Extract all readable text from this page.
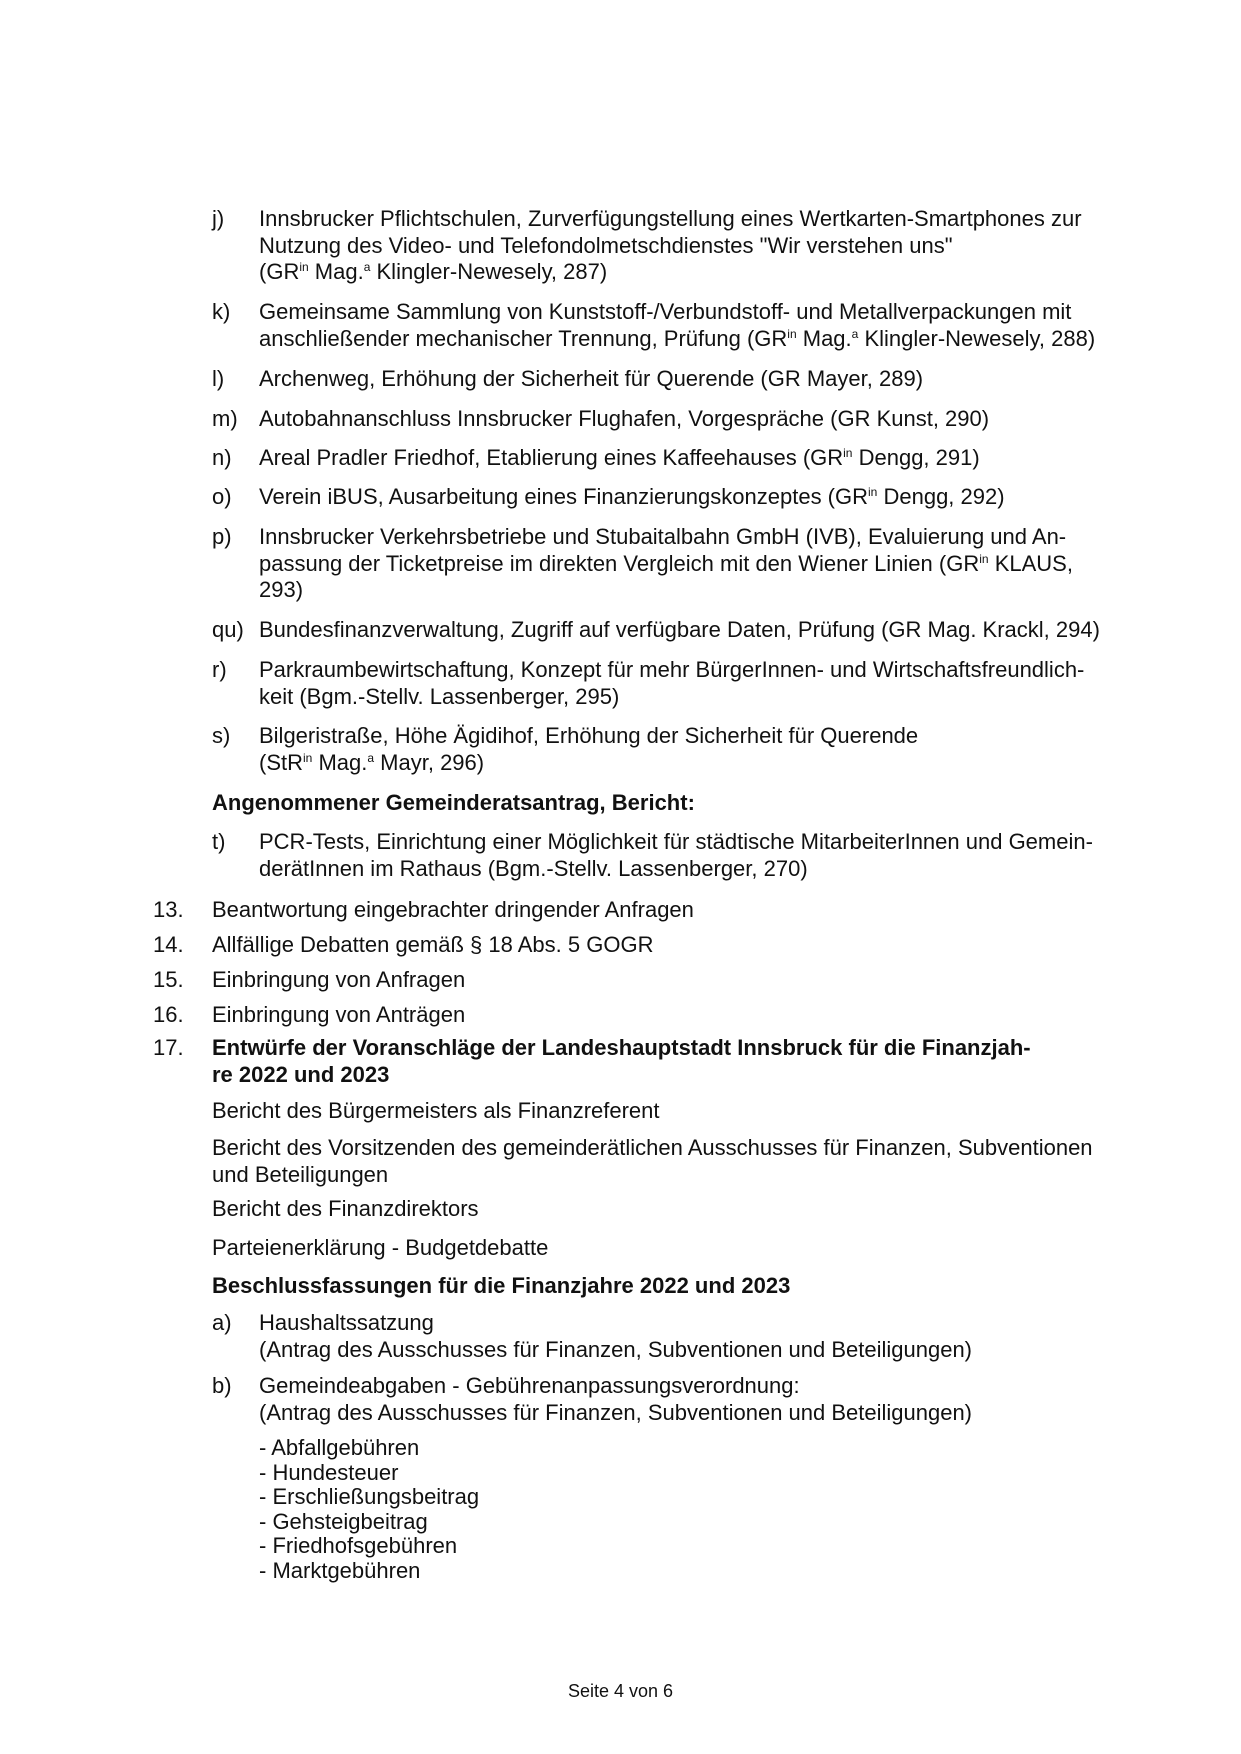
j) Innsbrucker Pflichtschulen, Zurverfügungstellung eines Wertkarten-Smartphones zur
Nutzung des Video- und Telefondolmetschdienstes "Wir verstehen uns"
($GR^{in}$ Mag.$^a$ Klingler-Newesely, 287)
k) Gemeinsame Sammlung von Kunststoff-/Verbundstoff- und Metallverpackungen mit
anschließender mechanischer Trennung, Prüfung ($GR^{in}$ Mag.$^a$ Klingler-Newesely, 288)
l) Archenweg, Erhöhung der Sicherheit für Querende (GR Mayer, 289)
m) Autobahnanschluss Innsbrucker Flughafen, Vorgespräche (GR Kunst, 290)
n) Areal Pradler Friedhof, Etablierung eines Kaffeehauses ($GR^{in}$ Dengg, 291)
o) Verein iBUS, Ausarbeitung eines Finanzierungskonzeptes ($GR^{in}$ Dengg, 292)
p) Innsbrucker Verkehrsbetriebe und Stubaitalbahn GmbH (IVB), Evaluierung und An-
passung der Ticketpreise im direkten Vergleich mit den Wiener Linien ($GR^{in}$ KLAUS,
293)
qu) Bundesfinanzverwaltung, Zugriff auf verfügbare Daten, Prüfung (GR Mag. Krackl, 294)
r) Parkraumbewirtschaftung, Konzept für mehr BürgerInnen- und Wirtschaftsfreundlich-
keit (Bgm.-Stellv. Lassenberger, 295)
s) Bilgeristraße, Höhe Ägidihof, Erhöhung der Sicherheit für Querende
(StR$^{in}$ Mag.$^a$ Mayr, 296)
Angenommener Gemeinderatsantrag, Bericht:
t) PCR-Tests, Einrichtung einer Möglichkeit für städtische MitarbeiterInnen und Gemein-
derätInnen im Rathaus (Bgm.-Stellv. Lassenberger, 270)
13. Beantwortung eingebrachter dringender Anfragen
14. Allfällige Debatten gemäß § 18 Abs. 5 GOGR
15. Einbringung von Anfragen
16. Einbringung von Anträgen
17. Entwürfe der Voranschläge der Landeshauptstadt Innsbruck für die Finanzjah-
re 2022 und 2023
Bericht des Bürgermeisters als Finanzreferent
Bericht des Vorsitzenden des gemeinderätlichen Ausschusses für Finanzen, Subventionen
und Beteiligungen
Bericht des Finanzdirektors
Parteienerklärung - Budgetdebatte
Beschlussfassungen für die Finanzjahre 2022 und 2023
a) Haushaltssatzung
(Antrag des Ausschusses für Finanzen, Subventionen und Beteiligungen)
b) Gemeindeabgaben - Gebührenanpassungsverordnung:
(Antrag des Ausschusses für Finanzen, Subventionen und Beteiligungen)
- Abfallgebühren
- Hundesteuer
- Erschließungsbeitrag
- Gehsteigbeitrag
- Friedhofsgebühren
- Marktgebühren
Seite 4 von 6
